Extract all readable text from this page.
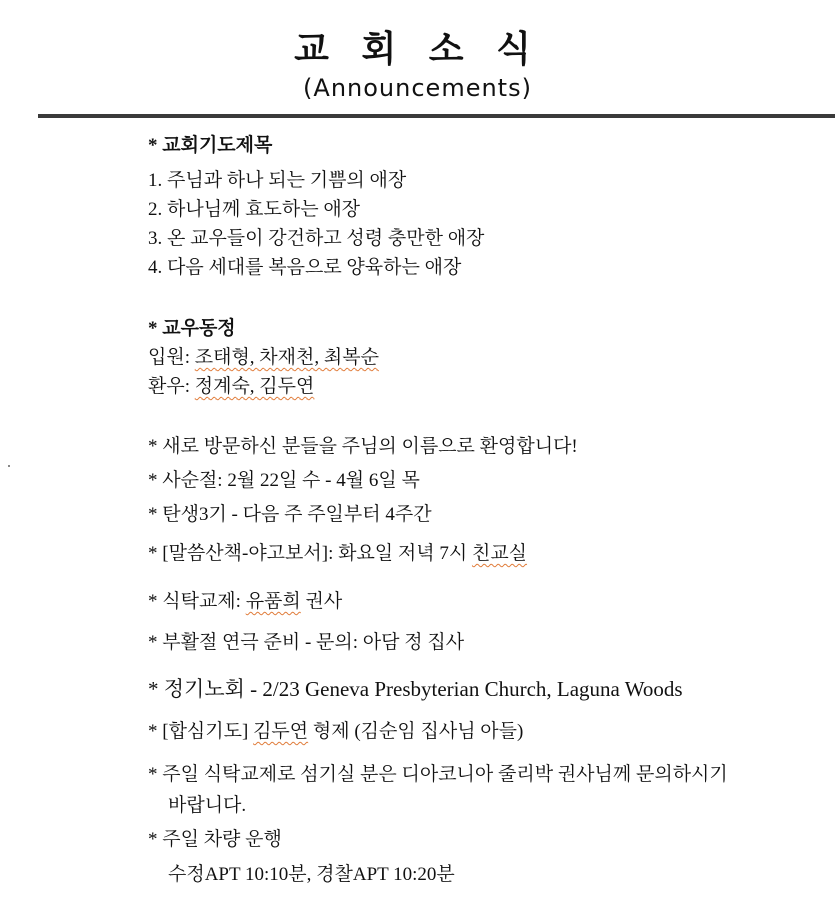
교 회 소 식
(Announcements)
* 교회기도제목
1. 주님과 하나 되는 기쁨의 애장
2. 하나님께 효도하는 애장
3. 온 교우들이 강건하고 성령 충만한 애장
4. 다음 세대를 복음으로 양육하는 애장
* 교우동정
입원: 조태형, 차재천, 최복순
환우: 정계숙, 김두연
* 새로 방문하신 분들을 주님의 이름으로 환영합니다!
* 사순절: 2월 22일 수 - 4월 6일 목
* 탄생3기 - 다음 주 주일부터 4주간
* [말씀산책-야고보서]: 화요일 저녁 7시 친교실
* 식탁교제: 유품희 권사
* 부활절 연극 준비 - 문의: 아담 정 집사
* 정기노회 - 2/23 Geneva Presbyterian Church, Laguna Woods
* [합심기도] 김두연 형제 (김순임 집사님 아들)
* 주일 식탁교제로 섬기실 분은 디아코니아 줄리박 권사님께 문의하시기
바랍니다.
* 주일 차량 운행
수정APT 10:10분, 경찰APT 10:20분
